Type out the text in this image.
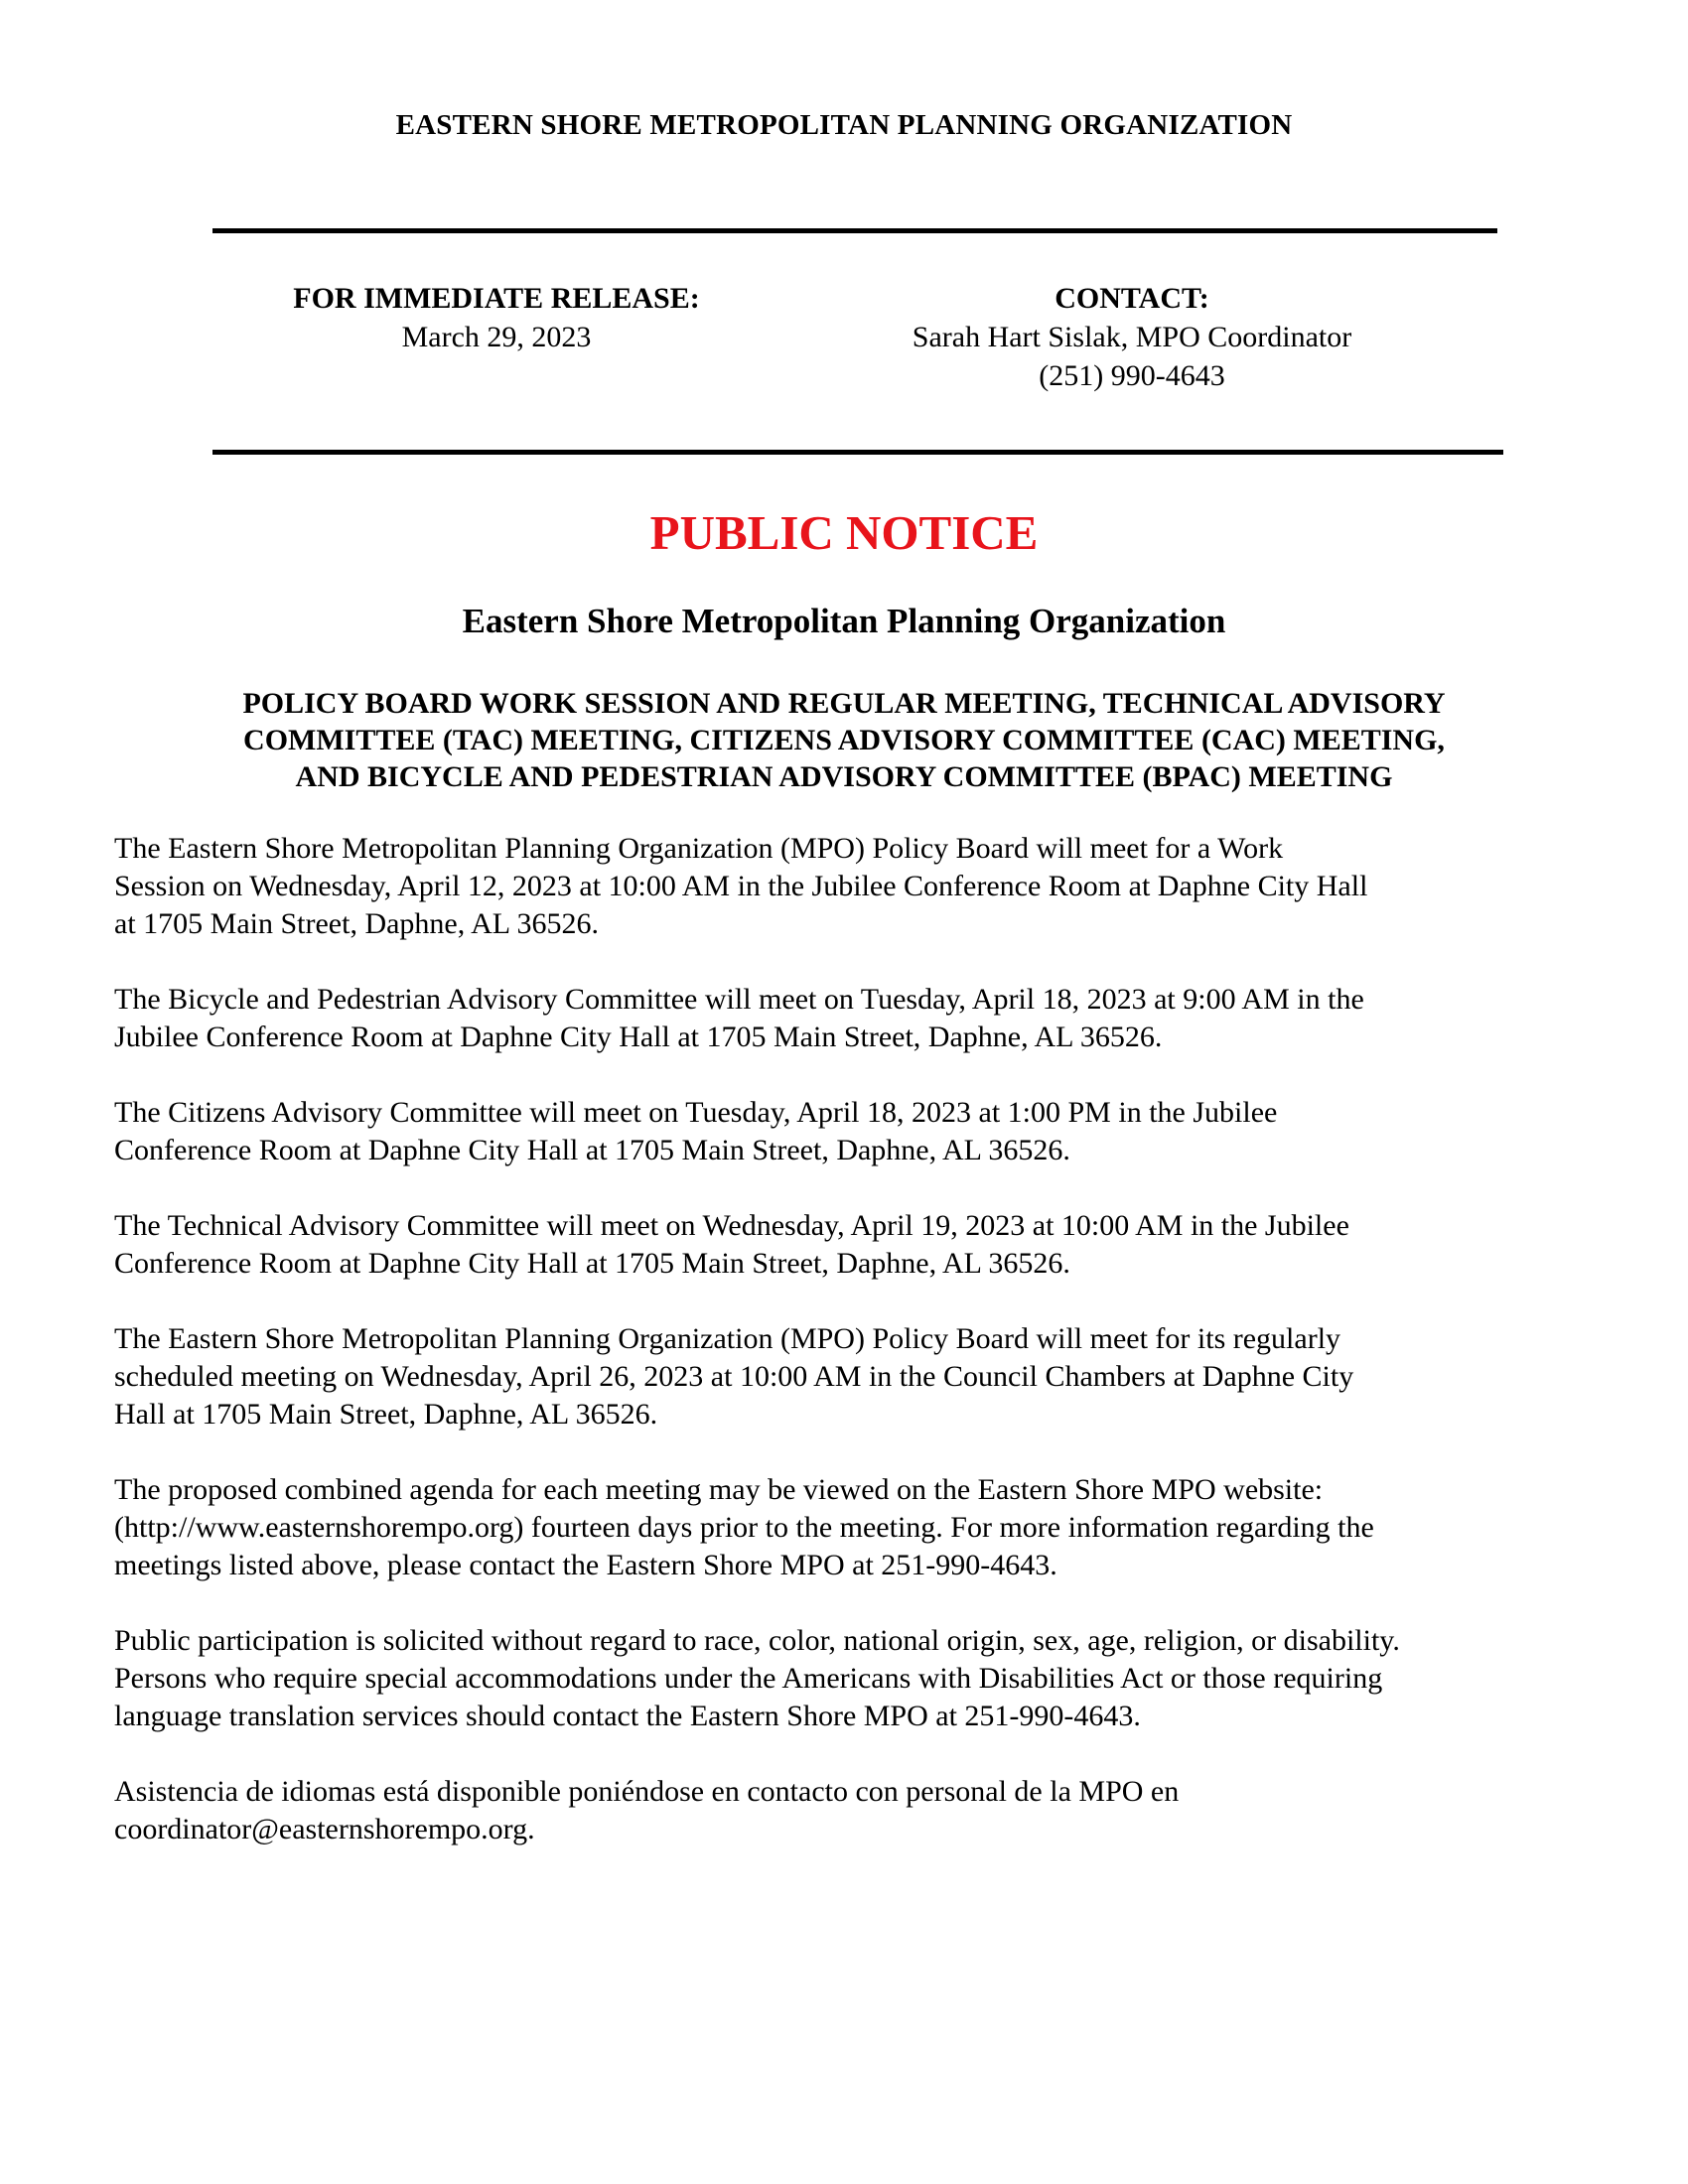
EASTERN SHORE METROPOLITAN PLANNING ORGANIZATION
FOR IMMEDIATE RELEASE:
March 29, 2023
CONTACT:
Sarah Hart Sislak, MPO Coordinator
(251) 990-4643
PUBLIC NOTICE
Eastern Shore Metropolitan Planning Organization
POLICY BOARD WORK SESSION AND REGULAR MEETING, TECHNICAL ADVISORY
COMMITTEE (TAC) MEETING, CITIZENS ADVISORY COMMITTEE (CAC) MEETING,
AND BICYCLE AND PEDESTRIAN ADVISORY COMMITTEE (BPAC) MEETING

The Eastern Shore Metropolitan Planning Organization (MPO) Policy Board will meet for a Work
Session on Wednesday, April 12, 2023 at 10:00 AM in the Jubilee Conference Room at Daphne City Hall
at 1705 Main Street, Daphne, AL 36526.

The Bicycle and Pedestrian Advisory Committee will meet on Tuesday, April 18, 2023 at 9:00 AM in the
Jubilee Conference Room at Daphne City Hall at 1705 Main Street, Daphne, AL 36526.

The Citizens Advisory Committee will meet on Tuesday, April 18, 2023 at 1:00 PM in the Jubilee
Conference Room at Daphne City Hall at 1705 Main Street, Daphne, AL 36526.

The Technical Advisory Committee will meet on Wednesday, April 19, 2023 at 10:00 AM in the Jubilee
Conference Room at Daphne City Hall at 1705 Main Street, Daphne, AL 36526.

The Eastern Shore Metropolitan Planning Organization (MPO) Policy Board will meet for its regularly
scheduled meeting on Wednesday, April 26, 2023 at 10:00 AM in the Council Chambers at Daphne City
Hall at 1705 Main Street, Daphne, AL 36526.

The proposed combined agenda for each meeting may be viewed on the Eastern Shore MPO website:
(http://www.easternshorempo.org) fourteen days prior to the meeting. For more information regarding the
meetings listed above, please contact the Eastern Shore MPO at 251-990-4643.

Public participation is solicited without regard to race, color, national origin, sex, age, religion, or disability.
Persons who require special accommodations under the Americans with Disabilities Act or those requiring
language translation services should contact the Eastern Shore MPO at 251-990-4643.

Asistencia de idiomas está disponible poniéndose en contacto con personal de la MPO en
coordinator@easternshorempo.org.
